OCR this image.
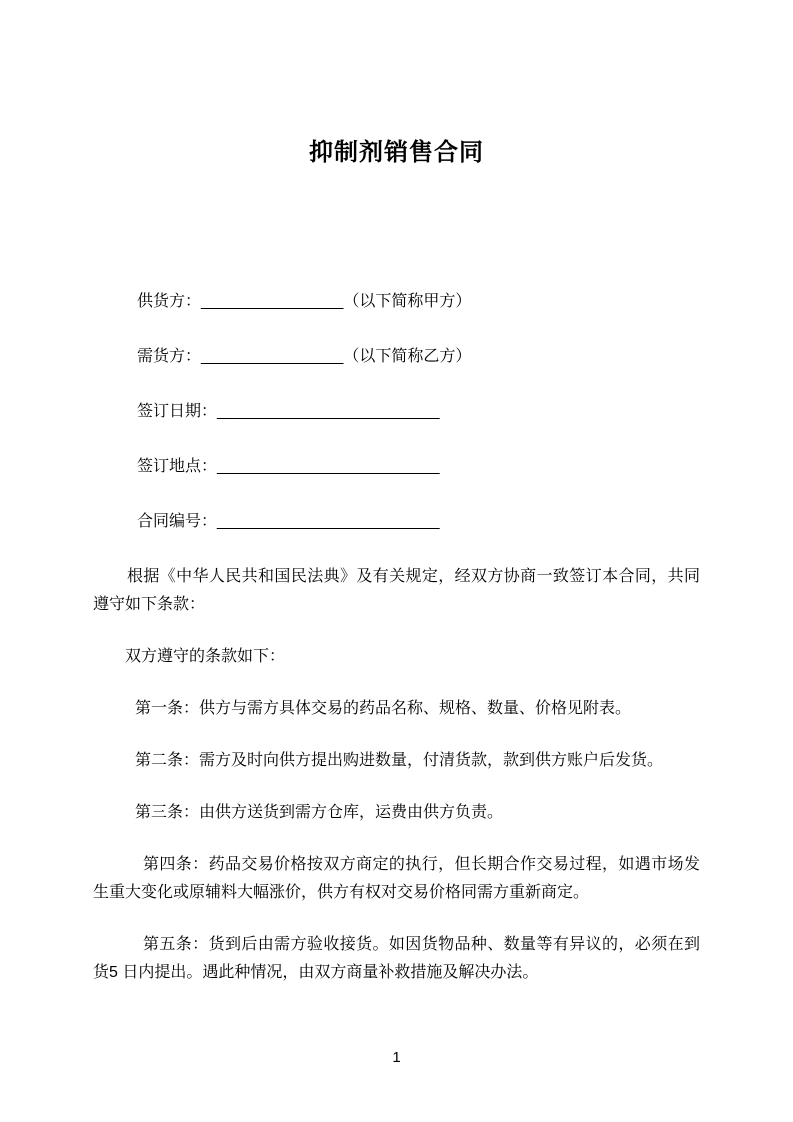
抑制剂销售合同

供货方：________________（以下简称甲方）

需货方：________________（以下简称乙方）

签订日期：_________________________

签订地点：_________________________

合同编号：_________________________

根据《中华人民共和国民法典》及有关规定，经双方协商一致签订本合同，共同遵守如下条款：

双方遵守的条款如下：

第一条：供方与需方具体交易的药品名称、规格、数量、价格见附表。

第二条：需方及时向供方提出购进数量，付清货款，款到供方账户后发货。

第三条：由供方送货到需方仓库，运费由供方负责。

第四条：药品交易价格按双方商定的执行，但长期合作交易过程，如遇市场发生重大变化或原辅料大幅涨价，供方有权对交易价格同需方重新商定。

第五条：货到后由需方验收接货。如因货物品种、数量等有异议的，必须在到货5 日内提出。遇此种情况，由双方商量补救措施及解决办法。

1
